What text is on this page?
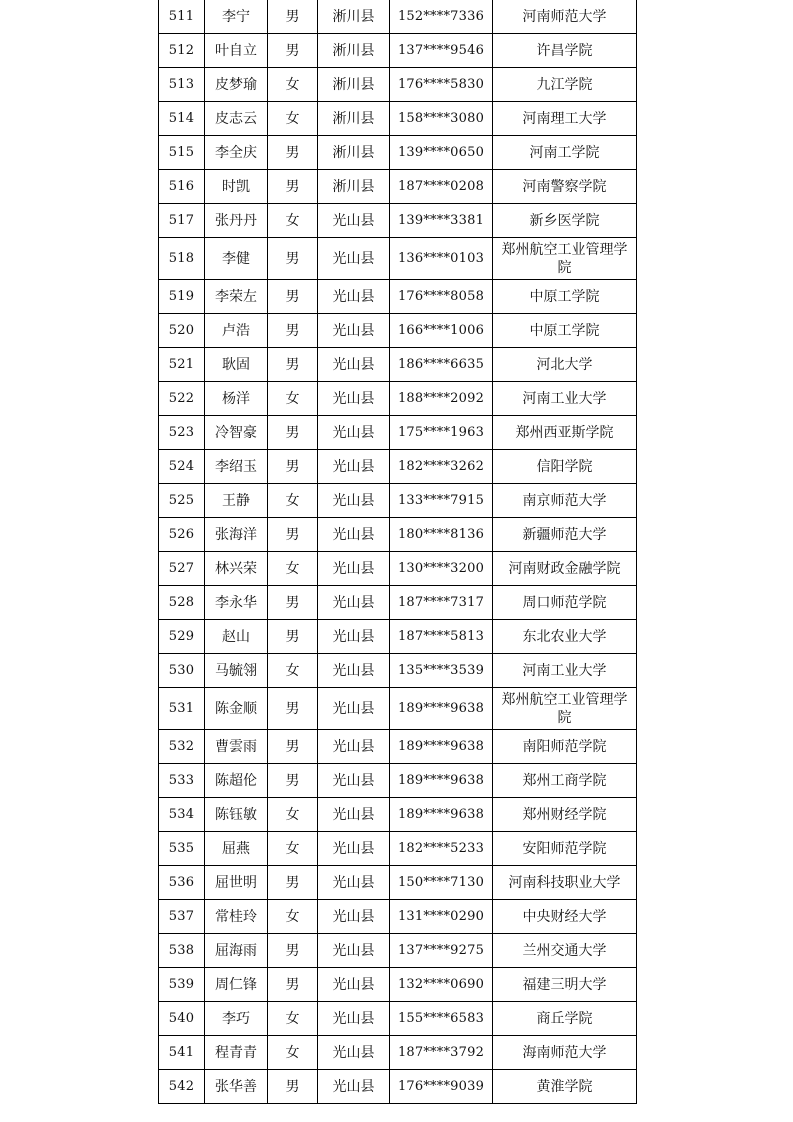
511	李宁	男	淅川县	152****7336	河南师范大学
512	叶自立	男	淅川县	137****9546	许昌学院
513	皮梦瑜	女	淅川县	176****5830	九江学院
514	皮志云	女	淅川县	158****3080	河南理工大学
515	李全庆	男	淅川县	139****0650	河南工学院
516	时凯	男	淅川县	187****0208	河南警察学院
517	张丹丹	女	光山县	139****3381	新乡医学院
518	李健	男	光山县	136****0103	郑州航空工业管理学院
519	李荣左	男	光山县	176****8058	中原工学院
520	卢浩	男	光山县	166****1006	中原工学院
521	耿固	男	光山县	186****6635	河北大学
522	杨洋	女	光山县	188****2092	河南工业大学
523	冷智豪	男	光山县	175****1963	郑州西亚斯学院
524	李绍玉	男	光山县	182****3262	信阳学院
525	王静	女	光山县	133****7915	南京师范大学
526	张海洋	男	光山县	180****8136	新疆师范大学
527	林兴荣	女	光山县	130****3200	河南财政金融学院
528	李永华	男	光山县	187****7317	周口师范学院
529	赵山	男	光山县	187****5813	东北农业大学
530	马毓翎	女	光山县	135****3539	河南工业大学
531	陈金顺	男	光山县	189****9638	郑州航空工业管理学院
532	曹雲雨	男	光山县	189****9638	南阳师范学院
533	陈超伦	男	光山县	189****9638	郑州工商学院
534	陈钰敏	女	光山县	189****9638	郑州财经学院
535	屈燕	女	光山县	182****5233	安阳师范学院
536	屈世明	男	光山县	150****7130	河南科技职业大学
537	常桂玲	女	光山县	131****0290	中央财经大学
538	屈海雨	男	光山县	137****9275	兰州交通大学
539	周仁锋	男	光山县	132****0690	福建三明大学
540	李巧	女	光山县	155****6583	商丘学院
541	程青青	女	光山县	187****3792	海南师范大学
542	张华善	男	光山县	176****9039	黄淮学院
